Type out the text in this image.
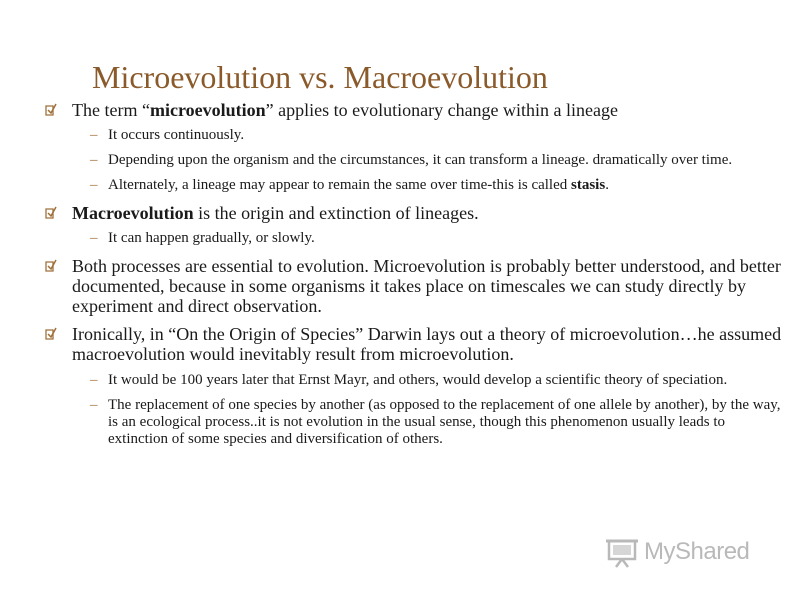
Microevolution vs. Macroevolution
The term “microevolution” applies to evolutionary change within a lineage
– It occurs continuously.
– Depending upon the organism and the circumstances, it can transform a lineage. dramatically over time.
– Alternately, a lineage may appear to remain the same over time-this is called stasis.
Macroevolution is the origin and extinction of lineages.
– It can happen gradually, or slowly.
Both processes are essential to evolution. Microevolution is probably better understood, and better documented, because in some organisms it takes place on timescales we can study directly by experiment and direct observation.
Ironically, in “On the Origin of Species” Darwin lays out a theory of microevolution…he assumed macroevolution would inevitably result from microevolution.
– It would be 100 years later that Ernst Mayr, and others, would develop a scientific theory of speciation.
– The replacement of one species by another (as opposed to the replacement of one allele by another), by the way, is an ecological process..it is not evolution in the usual sense, though this phenomenon usually leads to extinction of some species and diversification of others.
MyShared
